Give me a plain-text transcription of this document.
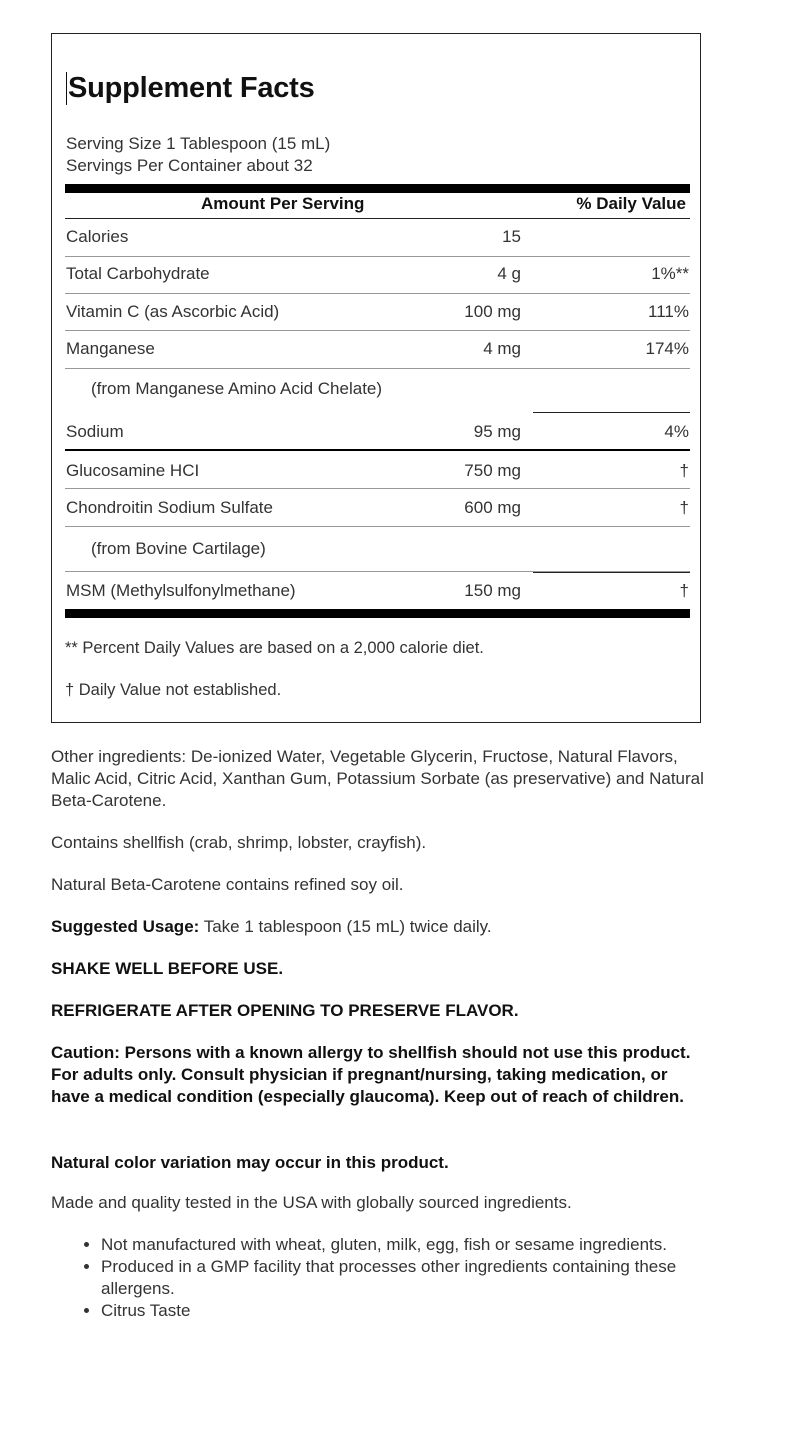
Supplement Facts
Serving Size 1 Tablespoon (15 mL)
Servings Per Container about 32
Amount Per Serving	% Daily Value
Calories	15
Total Carbohydrate	4 g	1%**
Vitamin C (as Ascorbic Acid)	100 mg	111%
Manganese	4 mg	174%
(from Manganese Amino Acid Chelate)
Sodium	95 mg	4%
Glucosamine HCI	750 mg	†
Chondroitin Sodium Sulfate	600 mg	†
(from Bovine Cartilage)
MSM (Methylsulfonylmethane)	150 mg	†
** Percent Daily Values are based on a 2,000 calorie diet.
† Daily Value not established.
Other ingredients: De-ionized Water, Vegetable Glycerin, Fructose, Natural Flavors, Malic Acid, Citric Acid, Xanthan Gum, Potassium Sorbate (as preservative) and Natural Beta-Carotene.
Contains shellfish (crab, shrimp, lobster, crayfish).
Natural Beta-Carotene contains refined soy oil.
Suggested Usage: Take 1 tablespoon (15 mL) twice daily.
SHAKE WELL BEFORE USE.
REFRIGERATE AFTER OPENING TO PRESERVE FLAVOR.
Caution: Persons with a known allergy to shellfish should not use this product. For adults only. Consult physician if pregnant/nursing, taking medication, or have a medical condition (especially glaucoma). Keep out of reach of children.
Natural color variation may occur in this product.
Made and quality tested in the USA with globally sourced ingredients.
• Not manufactured with wheat, gluten, milk, egg, fish or sesame ingredients.
• Produced in a GMP facility that processes other ingredients containing these allergens.
• Citrus Taste
